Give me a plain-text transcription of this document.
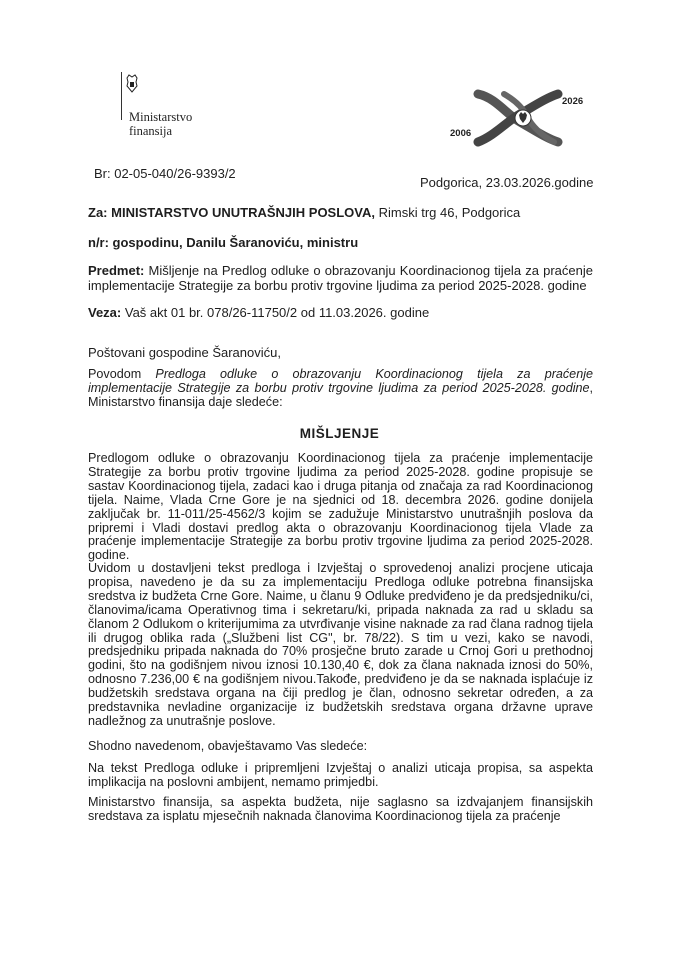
Ministarstvo
finansija	2006
2026
Br: 02-05-040/26-9393/2
Podgorica, 23.03.2026.godine
Za: MINISTARSTVO UNUTRAŠNJIH POSLOVA, Rimski trg 46, Podgorica
n/r: gospodinu, Danilu Šaranoviću, ministru
Predmet: Mišljenje na Predlog odluke o obrazovanju Koordinacionog tijela za praćenje implementacije Strategije za borbu protiv trgovine ljudima za period 2025-2028. godine
Veza: Vaš akt 01 br. 078/26-11750/2 od 11.03.2026. godine
Poštovani gospodine Šaranoviću,
Povodom Predloga odluke o obrazovanju Koordinacionog tijela za praćenje implementacije Strategije za borbu protiv trgovine ljudima za period 2025-2028. godine, Ministarstvo finansija daje sledeće:
MIŠLJENJE
Predlogom odluke o obrazovanju Koordinacionog tijela za praćenje implementacije Strategije za borbu protiv trgovine ljudima za period 2025-2028. godine propisuje se sastav Koordinacionog tijela, zadaci kao i druga pitanja od značaja za rad Koordinacionog tijela. Naime, Vlada Crne Gore je na sjednici od 18. decembra 2026. godine donijela zaključak br. 11-011/25-4562/3 kojim se zadužuje Ministarstvo unutrašnjih poslova da pripremi i Vladi dostavi predlog akta o obrazovanju Koordinacionog tijela Vlade za praćenje implementacije Strategije za borbu protiv trgovine ljudima za period 2025-2028. godine.
Uvidom u dostavljeni tekst predloga i Izvještaj o sprovedenoj analizi procjene uticaja propisa, navedeno je da su za implementaciju Predloga odluke potrebna finansijska sredstva iz budžeta Crne Gore. Naime, u članu 9 Odluke predviđeno je da predsjedniku/ci, članovima/icama Operativnog tima i sekretaru/ki, pripada naknada za rad u skladu sa članom 2 Odlukom o kriterijumima za utvrđivanje visine naknade za rad člana radnog tijela ili drugog oblika rada („Službeni list CG", br. 78/22). S tim u vezi, kako se navodi, predsjedniku pripada naknada do 70% prosječne bruto zarade u Crnoj Gori u prethodnoj godini, što na godišnjem nivou iznosi 10.130,40 €, dok za člana naknada iznosi do 50%, odnosno 7.236,00 € na godišnjem nivou.Takođe, predviđeno je da se naknada isplaćuje iz budžetskih sredstava organa na čiji predlog je član, odnosno sekretar određen, a za predstavnika nevladine organizacije iz budžetskih sredstava organa državne uprave nadležnog za unutrašnje poslove.
Shodno navedenom, obavještavamo Vas sledeće:
Na tekst Predloga odluke i pripremljeni Izvještaj o analizi uticaja propisa, sa aspekta implikacija na poslovni ambijent, nemamo primjedbi.
Ministarstvo finansija, sa aspekta budžeta, nije saglasno sa izdvajanjem finansijskih sredstava za isplatu mjesečnih naknada članovima Koordinacionog tijela za praćenje
